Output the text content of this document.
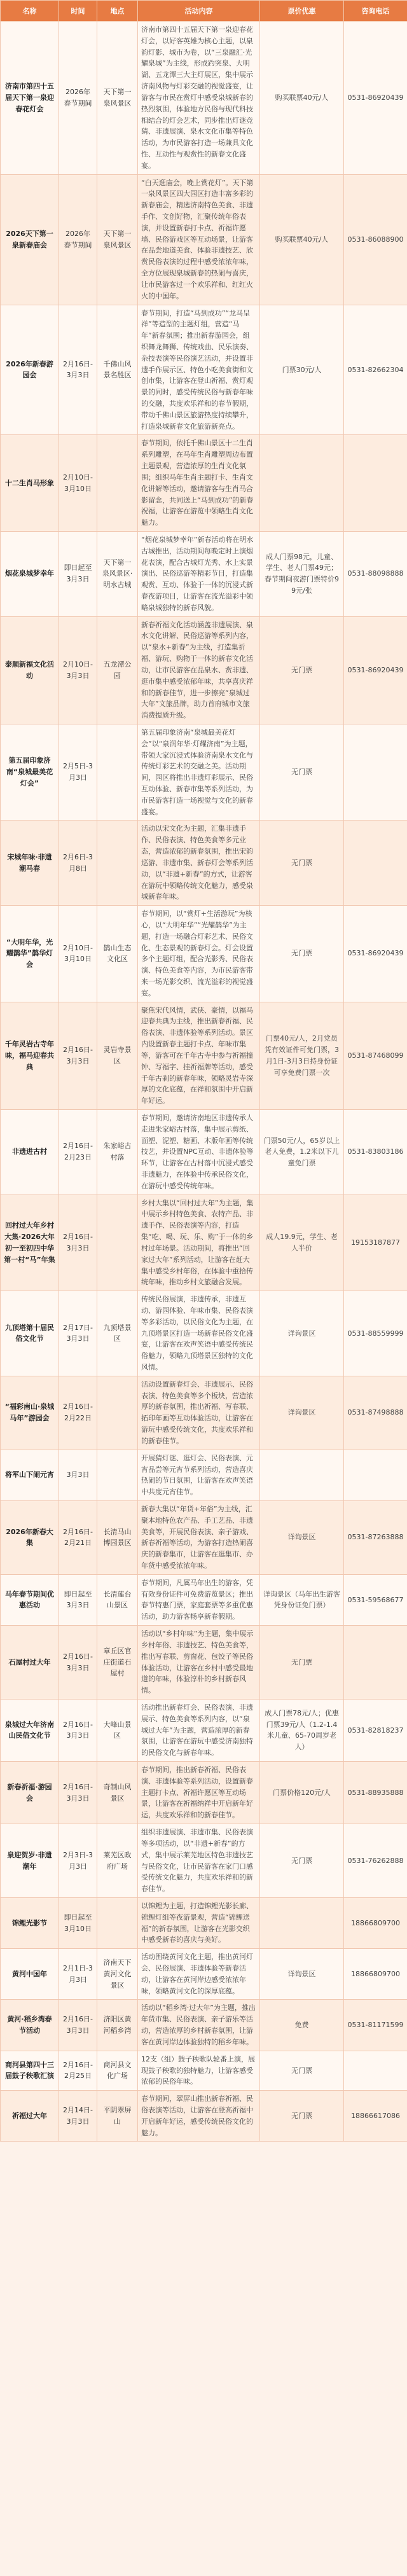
名称	时间	地点	活动内容	票价优惠	咨询电话
济南市第四十五届天下第一泉迎春花灯会	2026年春节期间	天下第一泉风景区	济南市第四十五届天下第一泉迎春花灯会，以好客英雄为核心主题，以泉韵灯影、城市为卷，以“三泉融汇·光耀泉城”为主线，形成趵突泉、大明湖、五龙潭三大主灯展区，集中展示济南风物与灯彩交融的视觉盛宴，让游客与市民在赏灯中感受泉城新春的热烈氛围，体验地方民俗与现代科技相结合的灯会艺术，同步推出灯谜竞猜、非遗展演、泉水文化市集等特色活动，为市民游客打造一场兼具文化性、互动性与观赏性的新春文化盛宴。	购买联票40元/人	0531-86920439
2026天下第一泉新春庙会	2026年春节期间	天下第一泉风景区	“白天逛庙会，晚上赏花灯”。天下第一泉风景区四大园区打造丰富多彩的新春庙会，精选济南特色美食、非遗手作、文创好物，汇聚传统年俗表演，并设置新春打卡点、祈福许愿墙、民俗游戏区等互动场景，让游客在品尝地道美食、体验非遗技艺、欣赏民俗表演的过程中感受浓浓年味，全方位展现泉城新春的热闹与喜庆，让市民游客过一个欢乐祥和、红红火火的中国年。	购买联票40元/人	0531-86088900
2026年新春游园会	2月16日-3月3日	千佛山风景名胜区	春节期间，打造“马到成功”“龙马呈祥”等造型的主题灯组，营造“马年”新春氛围；推出新春游园会，组织舞龙舞狮、传统戏曲、民乐演奏、杂技表演等民俗演艺活动，并设置非遗手作展示区、特色小吃美食街和文创市集，让游客在登山祈福、赏灯观景的同时，感受传统民俗与新春年味的交融，共度欢乐祥和的春节假期，带动千佛山景区旅游热度持续攀升，打造泉城新春文化旅游新亮点。	门票30元/人	0531-82662304
十二生肖马形象	2月10日-3月10日		春节期间，依托千佛山景区十二生肖系列雕塑，在马年生肖雕塑周边布置主题景观，营造浓厚的生肖文化氛围；组织马年生肖主题打卡、生肖文化讲解等活动，邀请游客与生肖马合影留念，共同送上“马到成功”的新春祝福，让游客在游览中领略生肖文化魅力。		
烟花泉城梦幸年	即日起至3月3日	天下第一泉风景区·明水古城	“烟花泉城梦幸年”新春活动将在明水古城推出，活动期间每晚定时上演烟花表演，配合古城灯光秀、水上实景演出、民俗巡游等精彩节目，打造集观赏、互动、体验于一体的沉浸式新春夜游项目，让游客在流光溢彩中领略泉城独特的新春风貌。	成人门票98元，儿童、学生、老人门票49元；春节期间夜游门票特价99元/张	0531-88098888
泰顺新福文化活动	2月10日-3月3日	五龙潭公园	新春祈福文化活动涵盖非遗展演、泉水文化讲解、民俗巡游等系列内容，以“泉水+新春”为主线，打造集祈福、游玩、购物于一体的新春文化活动，让市民游客在品泉水、赏非遗、逛市集中感受浓郁年味，共享喜庆祥和的新春佳节，进一步擦亮“泉城过大年”文旅品牌，助力首府城市文旅消费提质升级。	无门票	0531-86920439
第五届印象济南“泉城最美花灯会”	2月5日-3月3日		第五届印象济南“泉城最美花灯会”以“泉润年华·灯耀济南”为主题，带领大家沉浸式体验济南泉水文化与传统灯彩艺术的交融之美。活动期间，园区将推出非遗灯彩展示、民俗互动体验、新春市集等系列活动，为市民游客打造一场视觉与文化的新春盛宴。	无门票	
宋城年味·非遗潮马春	2月6日-3月8日		活动以宋文化为主题，汇集非遗手作、民俗表演、特色美食等多元业态，营造浓郁的新春氛围，推出宋韵巡游、非遗市集、新春灯会等系列活动，以“非遗+新春”的方式，让游客在游玩中领略传统文化魅力，感受泉城新春年味。	无门票	
“大明年华，光耀鹊华”鹊华灯会	2月10日-3月10日	鹊山生态文化区	春节期间，以“赏灯+生活游玩”为核心，以“大明年华”“光耀鹊华”为主题，打造一场融合灯彩艺术、民俗文化、生态景观的新春灯会。灯会设置多个主题灯组，配合光影秀、民俗表演、特色美食等内容，为市民游客带来一场光影交织、流光溢彩的视觉盛宴。	无门票	0531-86920439
千年灵岩古寺年味，福马迎春共典	2月16日-3月3日	灵岩寺景区	聚焦宋代风情，武侠、豪情，以福马迎春共典为主线，推出新春祈福、民俗表演、非遗体验等系列活动。景区内设置新春主题打卡点、年味市集等，游客可在千年古寺中参与祈福撞钟、写福字、挂祈福牌等活动，感受千年古刹的新春年味，领略灵岩寺深厚的文化底蕴，在祥和氛围中开启新年好运。	门票40元/人，2月党员凭有效证件可免门票，3月1日-3月3日持身份证可享免费门票一次	0531-87468099
非遗进古村	2月16日-2月23日	朱家峪古村落	春节期间，邀请济南地区非遗传承人走进朱家峪古村落，集中展示剪纸、面塑、泥塑、糖画、木版年画等传统技艺，并设置NPC互动、非遗体验等环节，让游客在古村落中沉浸式感受非遗魅力，在体验中传承民俗文化，在游玩中感受传统年味。	门票50元/人，65岁以上老人免费，1.2米以下儿童免门票	0531-83803186
回村过大年乡村大集·2026大年初一至初四中华第一村“马”年集	2月16日-3月3日		乡村大集以“回村过大年”为主题，集中展示乡村特色美食、农特产品、非遗手作、民俗表演等内容，打造集“吃、喝、玩、乐、购”于一体的乡村过年场景。活动期间，将推出“回家过大年”系列活动，让游客在赶大集中感受乡村年俗，在体验中重拾传统年味，推动乡村文旅融合发展。	成人19.9元，学生、老人半价	19153187877
九顶塔第十届民俗文化节	2月17日-3月3日	九顶塔景区	传统民俗展演，非遗传承，非遗互动、游园体验、年味市集、民俗表演等多彩活动，以民俗文化为主题，在九顶塔景区打造一场新春民俗文化盛宴，让游客在欢声笑语中感受传统民俗魅力，领略九顶塔景区独特的文化风情。	详询景区	0531-88559999
“福彩南山·泉城马年”游园会	2月16日-2月22日		活动设置新春灯会、非遗展示、民俗表演、特色美食等多个板块，营造浓厚的新春氛围，推出祈福、写春联、拓印年画等互动体验活动，让游客在游玩中感受传统文化，共度欢乐祥和的新春佳节。	详询景区	0531-87498888
将军山下闹元宵	3月3日		开展猜灯谜、逛灯会、民俗表演、元宵品尝等元宵节系列活动，营造喜庆热闹的节日氛围，让游客在欢声笑语中共度元宵佳节。		
2026年新春大集	2月16日-2月21日	长清马山博园景区	新春大集以“年货+年俗”为主线，汇聚本地特色农产品、手工艺品、非遗美食等，开展民俗表演、亲子游戏、新春祈福等活动，为游客打造热闹喜庆的新春集市，让游客在逛集市、办年货中感受浓浓年味。	详询景区	0531-87263888
马年春节期间优惠活动	即日起至3月3日	长清莲台山景区	春节期间，凡属马年出生的游客，凭有效身份证件可免费游览景区；推出春节特惠门票，家庭套票等多重优惠活动，助力游客畅享新春假期。	详询景区（马年出生游客凭身份证免门票）	0531-59568677
石屋村过大年	2月16日-3月3日	章丘区官庄街道石屋村	活动以“乡村年味”为主题，集中展示乡村年俗、非遗技艺、特色美食等，推出写春联、剪窗花、包饺子等民俗体验活动，让游客在乡村中感受最地道的年味，体验淳朴的乡村新春风情。	无门票	
泉城过大年济南山民俗文化节	2月16日-3月3日	大峰山景区	活动推出新春灯会、民俗表演、非遗展示、特色美食等系列内容，以“泉城过大年”为主题，营造浓厚的新春氛围，让游客在游玩中感受济南独特的民俗文化与新春年味。	成人门票78元/人；优惠门票39元/人（1.2-1.4米儿童、65-70周岁老人）	0531-82818237
新春祈福·游园会	2月16日-3月3日	奇制山风景区	春节期间，推出新春祈福、民俗表演、非遗体验等系列活动，设置新春主题打卡点、祈福许愿区等互动场景，让游客在祈福纳祥中开启新年好运，共度欢乐祥和的新春佳节。	门票价格120元/人	0531-88935888
泉迎贺岁·非遗潮年	2月3日-3月3日	莱芜区政府广场	组织非遗展演、非遗市集、民俗表演等多项活动，以“非遗+新春”的方式，集中展示莱芜地区特色非遗技艺与民俗文化，让市民游客在家门口感受传统文化魅力，共度欢乐祥和的新春佳节。	无门票	0531-76262888
锦鲤光影节	即日起至3月10日		以锦鲤为主题，打造锦鲤光影长廊、锦鲤灯组等夜游景观，营造“锦鲤送福”的新春氛围，让游客在光影交织中感受新春的喜庆与美好。		18866809700
黄河中国年	2月1日-3月3日	济南天下黄河文化景区	活动围绕黄河文化主题，推出黄河灯会、民俗展演、非遗体验等新春活动，让游客在黄河岸边感受浓浓年味，领略黄河文化的深厚底蕴。	详询景区	18866809700
黄河·稻乡湾春节活动	2月16日-3月3日	济阳区黄河稻乡湾	活动以“稻乡湾·过大年”为主题，推出年货市集、民俗表演、亲子游乐等活动，营造浓厚的乡村新春氛围，让游客在黄河岸边体验独特的稻乡年味。	免费	0531-81171599
商河县第四十三届鼓子秧歌汇演	2月16日-2月25日	商河县文化广场	12支（组）鼓子秧歌队轮番上演，展现鼓子秧歌的独特魅力，让游客感受浓郁的民俗年味。	无门票	
祈福过大年	2月14日-3月3日	平阴翠屏山	春节期间，翠屏山推出新春祈福、民俗表演等活动，让游客在登高祈福中开启新年好运，感受传统民俗文化的魅力。	无门票	18866617086
